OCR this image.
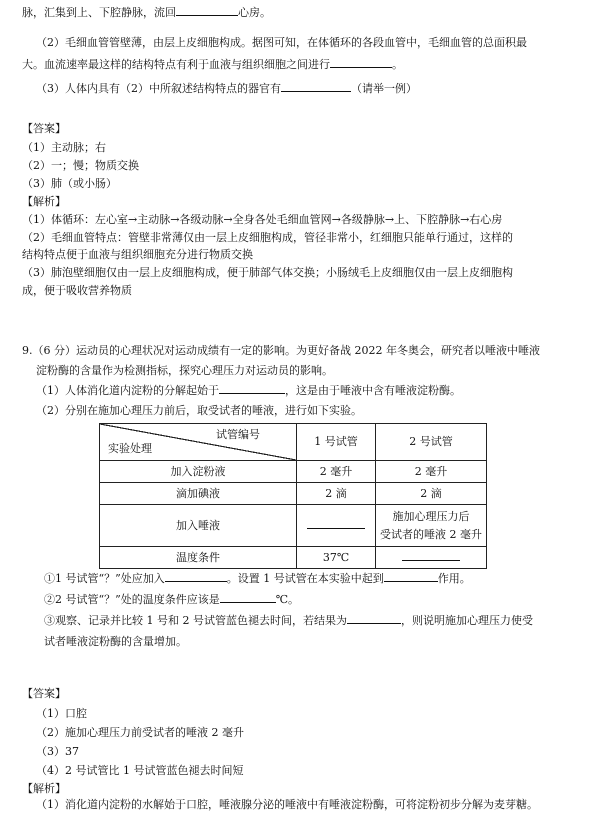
脉，汇集到上、下腔静脉，流回	心房。
（2）毛细血管管壁薄，由层上皮细胞构成。据图可知，在体循环的各段血管中，毛细血管的总面积最
大。血流速率最这样的结构特点有利于血液与组织细胞之间进行	。
（3）人体内具有（2）中所叙述结构特点的器官有	（请举一例）
【答案】
（1）主动脉；右
（2）一；慢；物质交换
（3）肺（或小肠）
【解析】
（1）体循环：左心室→主动脉→各级动脉→全身各处毛细血管网→各级静脉→上、下腔静脉→右心房
（2）毛细血管特点：管壁非常薄仅由一层上皮细胞构成，管径非常小，红细胞只能单行通过，这样的
结构特点便于血液与组织细胞充分进行物质交换
（3）肺泡壁细胞仅由一层上皮细胞构成，便于肺部气体交换；小肠绒毛上皮细胞仅由一层上皮细胞构
成，便于吸收营养物质
9.（6 分）运动员的心理状况对运动成绩有一定的影响。为更好备战 2022 年冬奥会，研究者以唾液中唾液
淀粉酶的含量作为检测指标，探究心理压力对运动员的影响。
（1）人体消化道内淀粉的分解起始于	，这是由于唾液中含有唾液淀粉酶。
（2）分别在施加心理压力前后，取受试者的唾液，进行如下实验。
试管编号
实验处理	1 号试管	2 号试管
加入淀粉液	2 毫升	2 毫升
滴加碘液	2 滴	2 滴
加入唾液		施加心理压力后
受试者的唾液 2 毫升

温度条件	37℃	
①1 号试管“？”处应加入	。设置 1 号试管在本实验中起到	作用。
②2 号试管“？”处的温度条件应该是	℃。
③观察、记录并比较 1 号和 2 号试管蓝色褪去时间，若结果为	，则说明施加心理压力使受
试者唾液淀粉酶的含量增加。
【答案】
（1）口腔
（2）施加心理压力前受试者的唾液 2 毫升
（3）37
（4）2 号试管比 1 号试管蓝色褪去时间短
【解析】
（1）消化道内淀粉的水解始于口腔，唾液腺分泌的唾液中有唾液淀粉酶，可将淀粉初步分解为麦芽糖。
